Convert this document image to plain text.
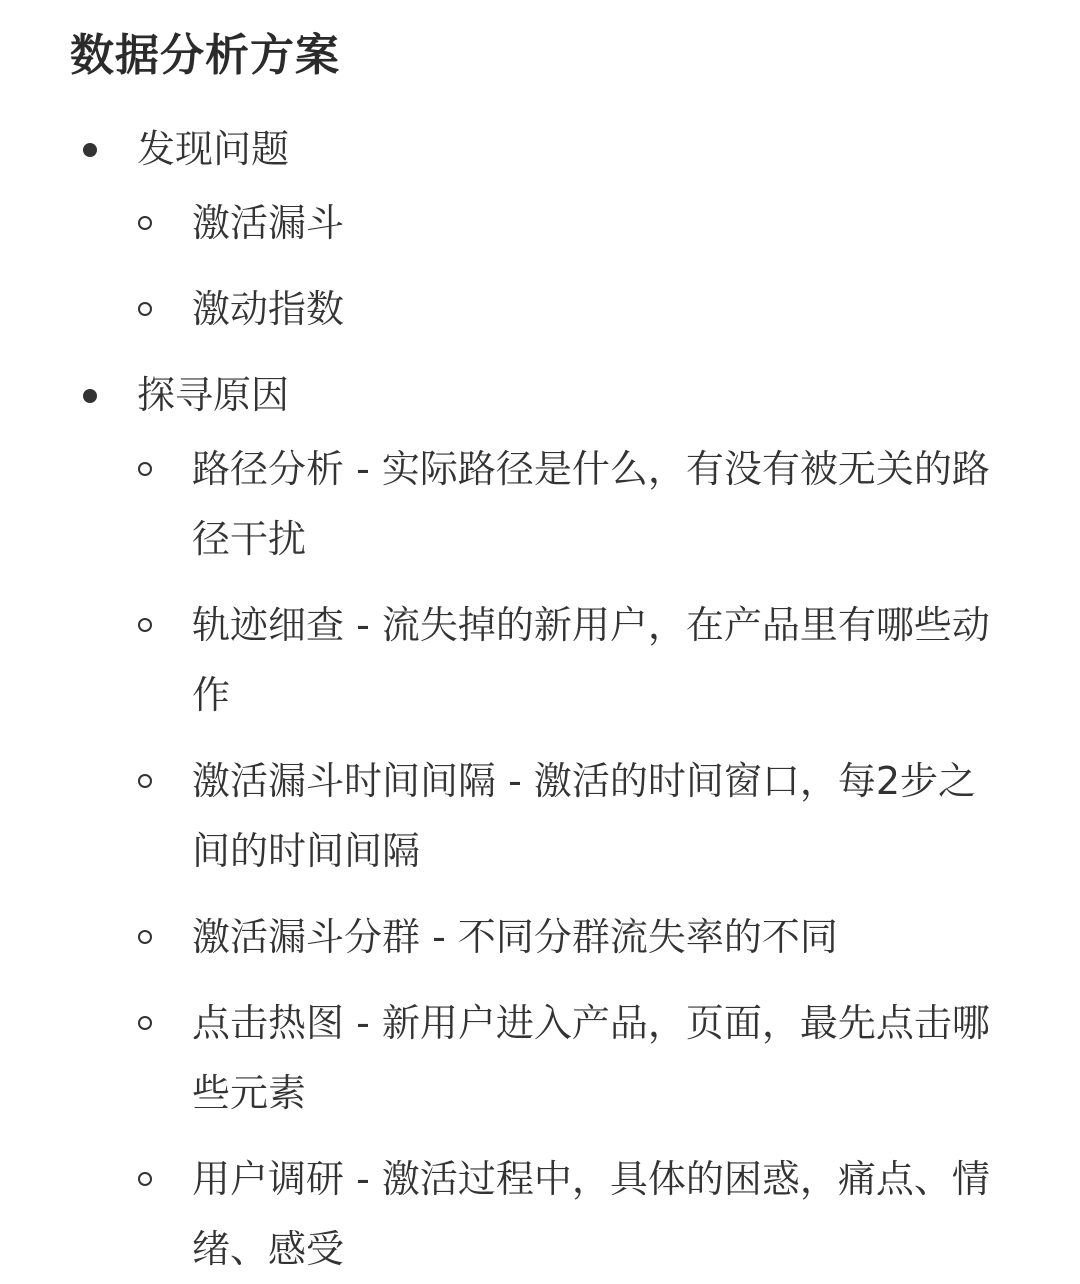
数据分析方案
发现问题
激活漏斗
激动指数
探寻原因
路径分析 - 实际路径是什么，有没有被无关的路径干扰
轨迹细查 - 流失掉的新用户，在产品里有哪些动作
激活漏斗时间间隔 - 激活的时间窗口，每2步之间的时间间隔
激活漏斗分群 - 不同分群流失率的不同
点击热图 - 新用户进入产品，页面，最先点击哪些元素
用户调研 - 激活过程中，具体的困惑，痛点、情绪、感受
